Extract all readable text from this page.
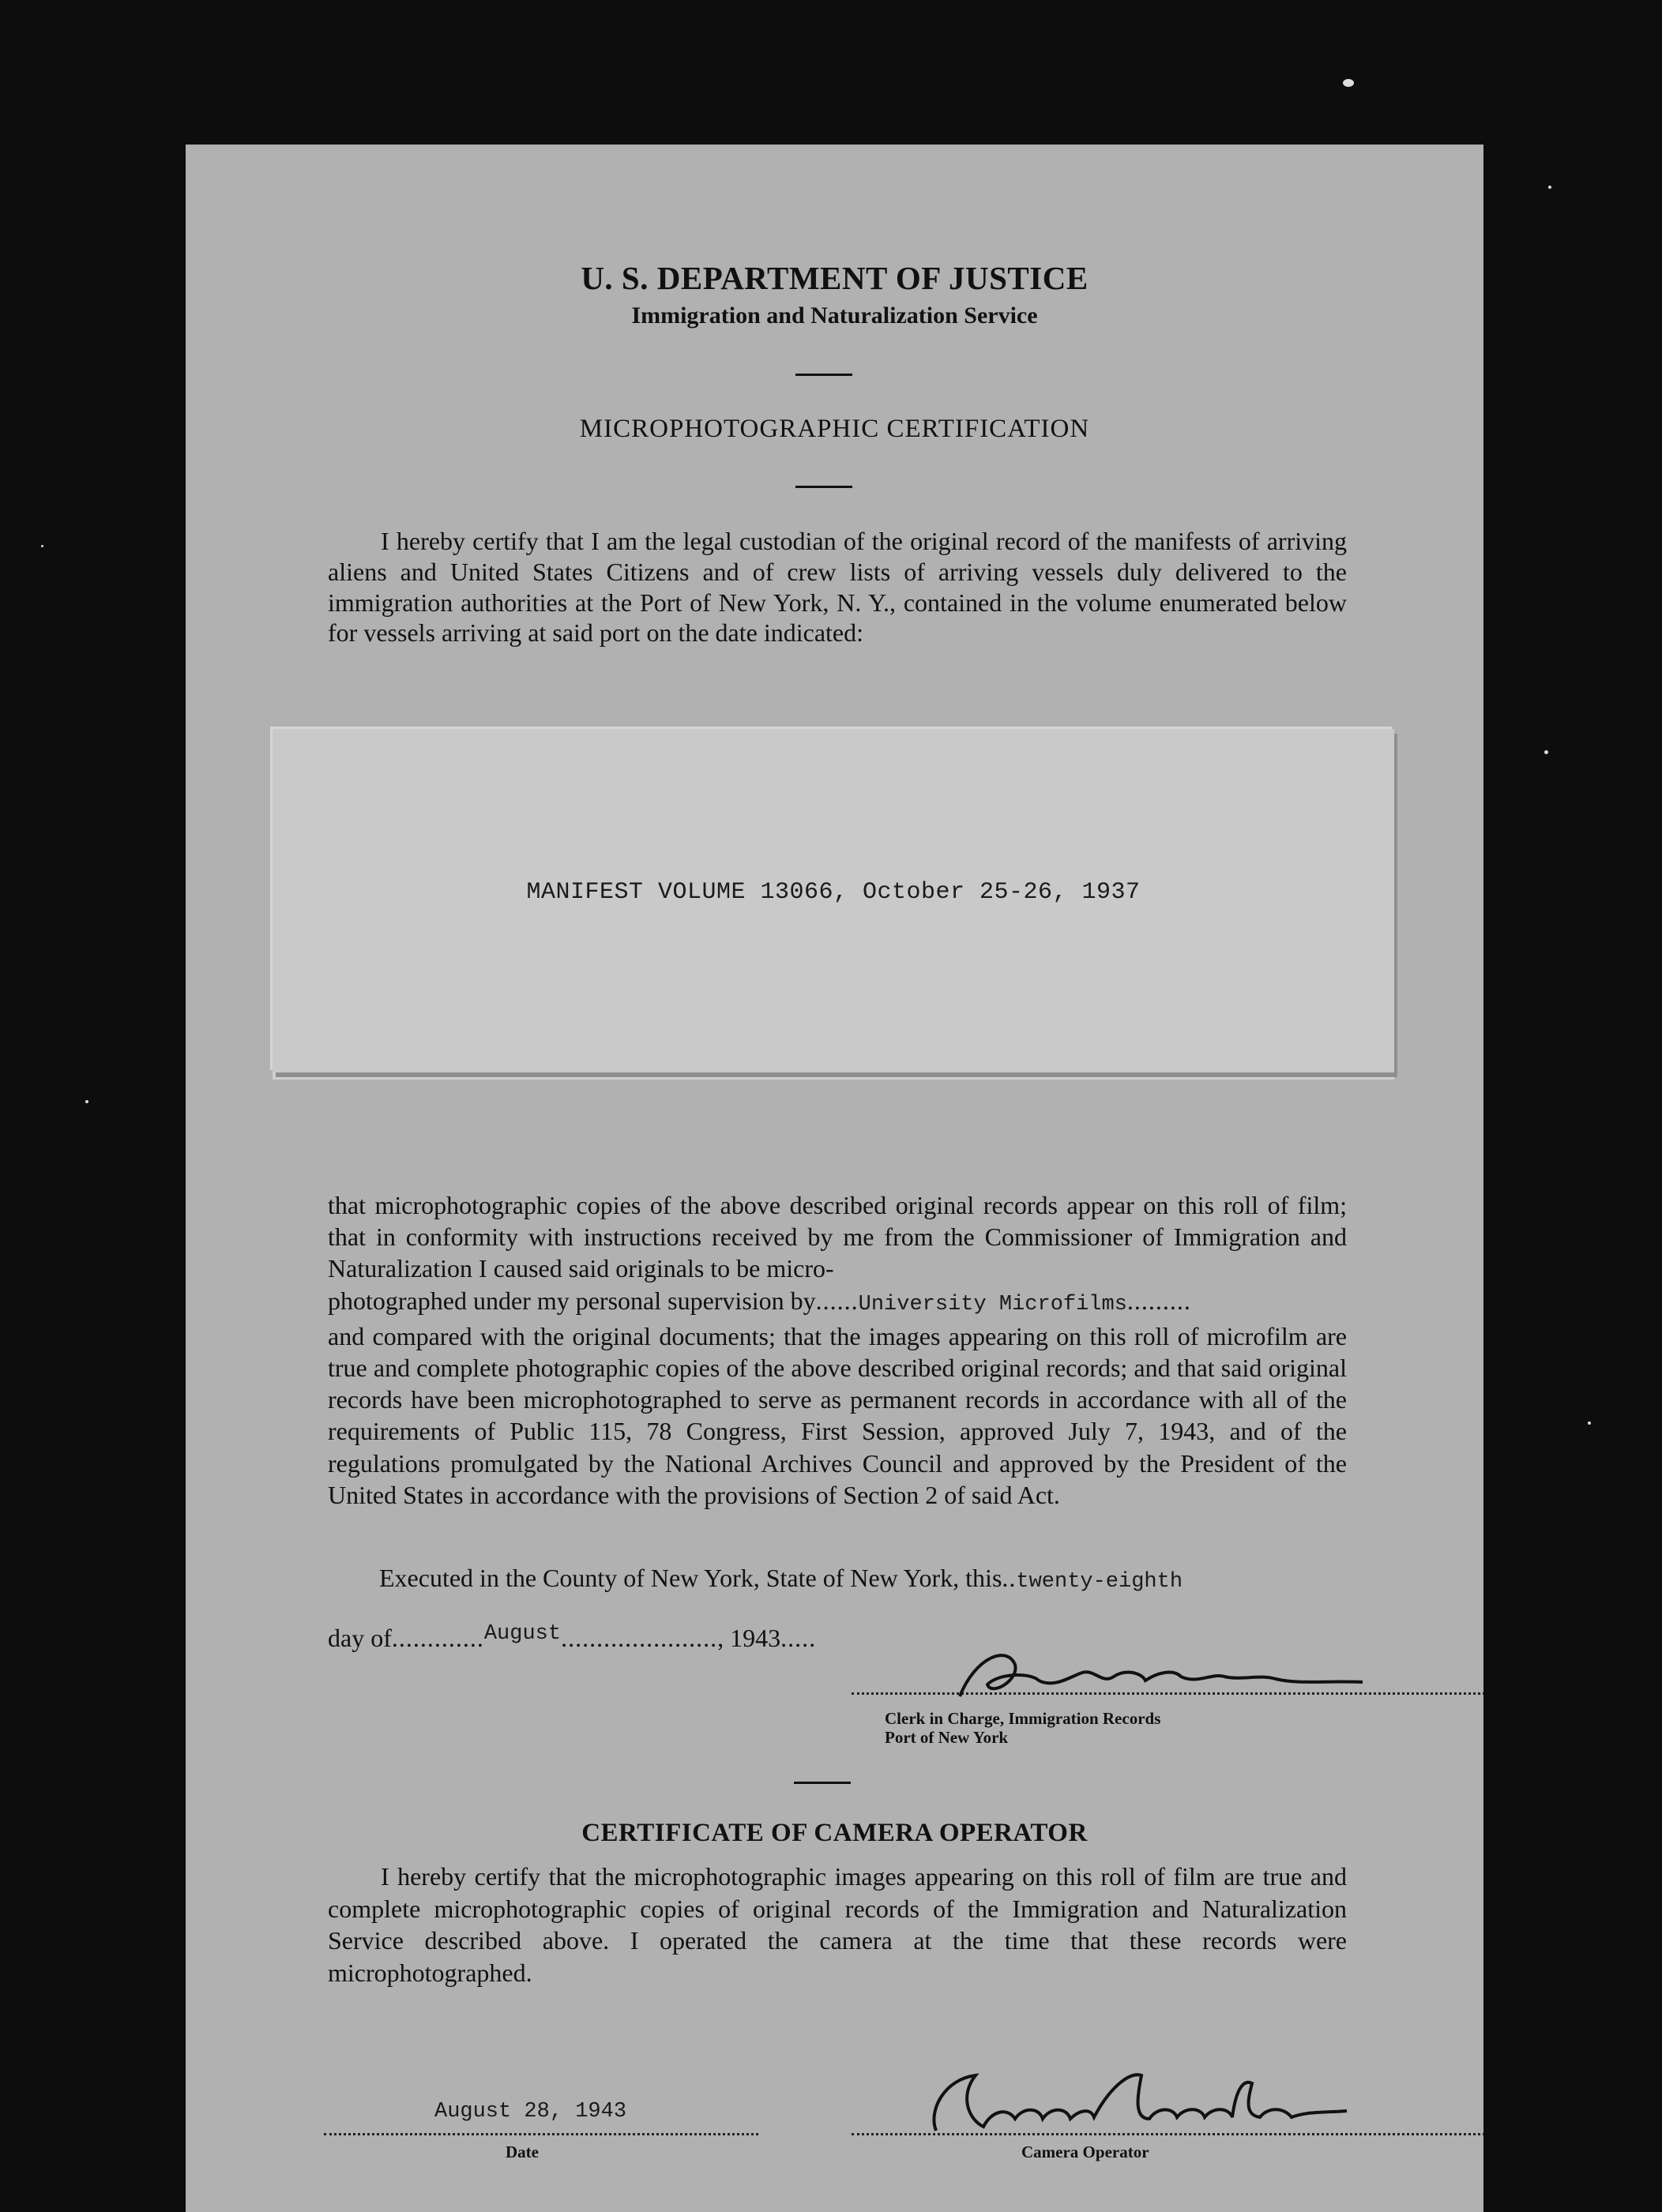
U. S. DEPARTMENT OF JUSTICE
Immigration and Naturalization Service
MICROPHOTOGRAPHIC CERTIFICATION

I hereby certify that I am the legal custodian of the original record of the manifests of arriving aliens and United States Citizens and of crew lists of arriving vessels duly delivered to the immigration authorities at the Port of New York, N. Y., contained in the volume enumerated below for vessels arriving at said port on the date indicated:

MANIFEST VOLUME 13066, October 25-26, 1937
that microphotographic copies of the above described original records appear on this roll of film; that in conformity with instructions received by me from the Commissioner of Immigration and Naturalization I caused said originals to be micro-
photographed under my personal supervision by......University Microfilms.........
and compared with the original documents; that the images appearing on this roll of microfilm are true and complete photographic copies of the above described original records; and that said original records have been microphotographed to serve as permanent records in accordance with all of the requirements of Public 115, 78 Congress, First Session, approved July 7, 1943, and of the regulations promulgated by the National Archives Council and approved by the President of the United States in accordance with the provisions of Section 2 of said Act.
Executed in the County of New York, State of New York, this..twenty-eighth
day of.............$^{August}$......................, 1943.....
Clerk in Charge, Immigration Records
Port of New York
CERTIFICATE OF CAMERA OPERATOR

I hereby certify that the microphotographic images appearing on this roll of film are true and complete microphotographic copies of original records of the Immigration and Naturalization Service described above. I operated the camera at the time that these records were microphotographed.

August 28, 1943
Date	Camera Operator
